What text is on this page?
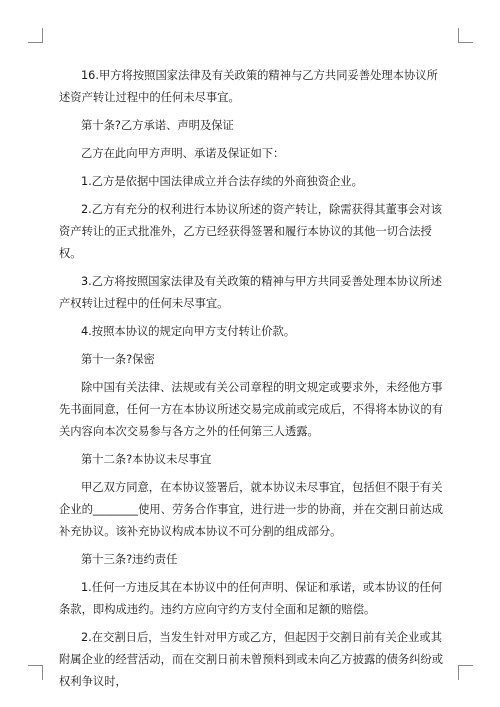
16.甲方将按照国家法律及有关政策的精神与乙方共同妥善处理本协议所述资产转让过程中的任何未尽事宜。

第十条?乙方承诺、声明及保证

乙方在此向甲方声明、承诺及保证如下：

1.乙方是依据中国法律成立并合法存续的外商独资企业。

2.乙方有充分的权利进行本协议所述的资产转让，除需获得其董事会对该资产转让的正式批准外，乙方已经获得签署和履行本协议的其他一切合法授权。

3.乙方将按照国家法律及有关政策的精神与甲方共同妥善处理本协议所述产权转让过程中的任何未尽事宜。

4.按照本协议的规定向甲方支付转让价款。

第十一条?保密

除中国有关法律、法规或有关公司章程的明文规定或要求外，未经他方事先书面同意，任何一方在本协议所述交易完成前或完成后，不得将本协议的有关内容向本次交易参与各方之外的任何第三人透露。

第十二条?本协议未尽事宜

甲乙双方同意，在本协议签署后，就本协议未尽事宜，包括但不限于有关企业的________使用、劳务合作事宜，进行进一步的协商，并在交割日前达成补充协议。该补充协议构成本协议不可分割的组成部分。

第十三条?违约责任

1.任何一方违反其在本协议中的任何声明、保证和承诺，或本协议的任何条款，即构成违约。违约方应向守约方支付全面和足额的赔偿。

2.在交割日后，当发生针对甲方或乙方，但起因于交割日前有关企业或其附属企业的经营活动，而在交割日前未曾预料到或未向乙方披露的债务纠纷或权利争议时，
